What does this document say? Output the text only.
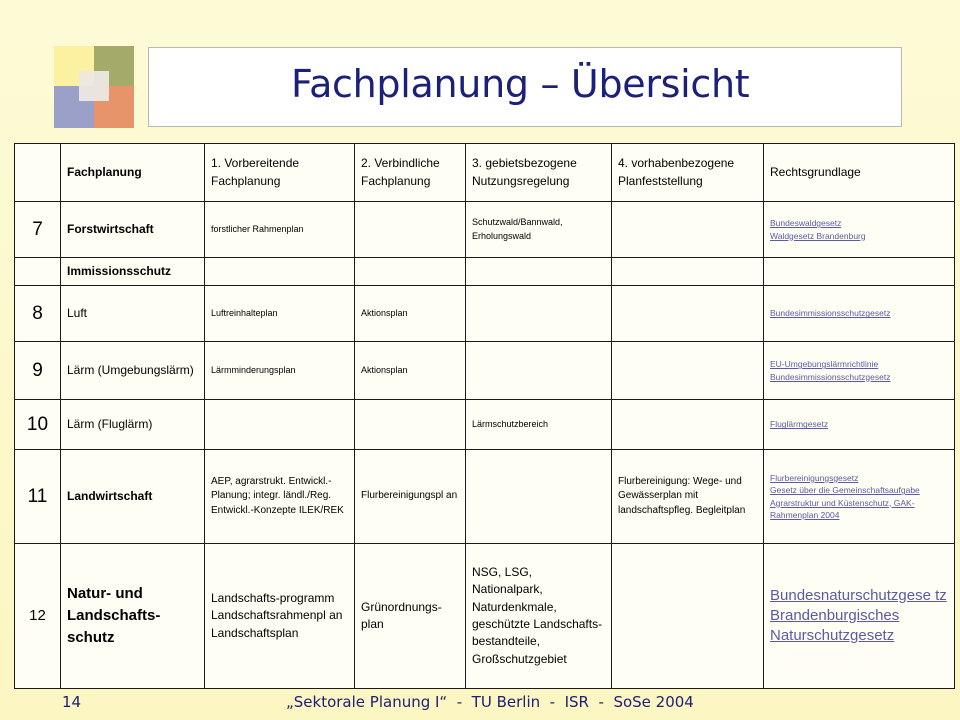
Fachplanung – Übersicht
	Fachplanung	1. Vorbereitende Fachplanung	2. Verbindliche Fachplanung	3. gebietsbezogene Nutzungsregelung	4. vorhabenbezogene Planfeststellung	Rechtsgrundlage
7	Forstwirtschaft	forstlicher Rahmenplan		Schutzwald/Bannwald, Erholungswald		Bundeswaldgesetz
Waldgesetz Brandenburg

	Immissionsschutz					
8	Luft	Luftreinhalteplan	Aktionsplan			Bundesimmissionsschutzgesetz

9	Lärm (Umgebungslärm)	Lärmminderungsplan	Aktionsplan			EU-Umgebungslärmrichtlinie
Bundesimmissionsschutzgesetz

10	Lärm (Fluglärm)			Lärmschutzbereich		Fluglärmgesetz

11	Landwirtschaft	AEP, agrarstrukt. Entwickl.-Planung; integr. ländl./Reg. Entwickl.-Konzepte ILEK/REK	Flurbereinigungspl an		Flurbereinigung: Wege- und Gewässerplan mit landschaftspfleg. Begleitplan	Flurbereinigungsgesetz
Gesetz über die Gemeinschaftsaufgabe Agrarstruktur und Küstenschutz, GAK-Rahmenplan 2004

12	Natur- und Landschafts-schutz	Landschafts-programm Landschaftsrahmenpl an Landschaftsplan	Grünordnungs-plan	NSG, LSG, Nationalpark, Naturdenkmale, geschützte Landschafts-bestandteile, Großschutzgebiet		Bundesnaturschutzgese tz
Brandenburgisches Naturschutzgesetz
14	„Sektorale Planung I“  -  TU Berlin  -  ISR  -  SoSe 2004
